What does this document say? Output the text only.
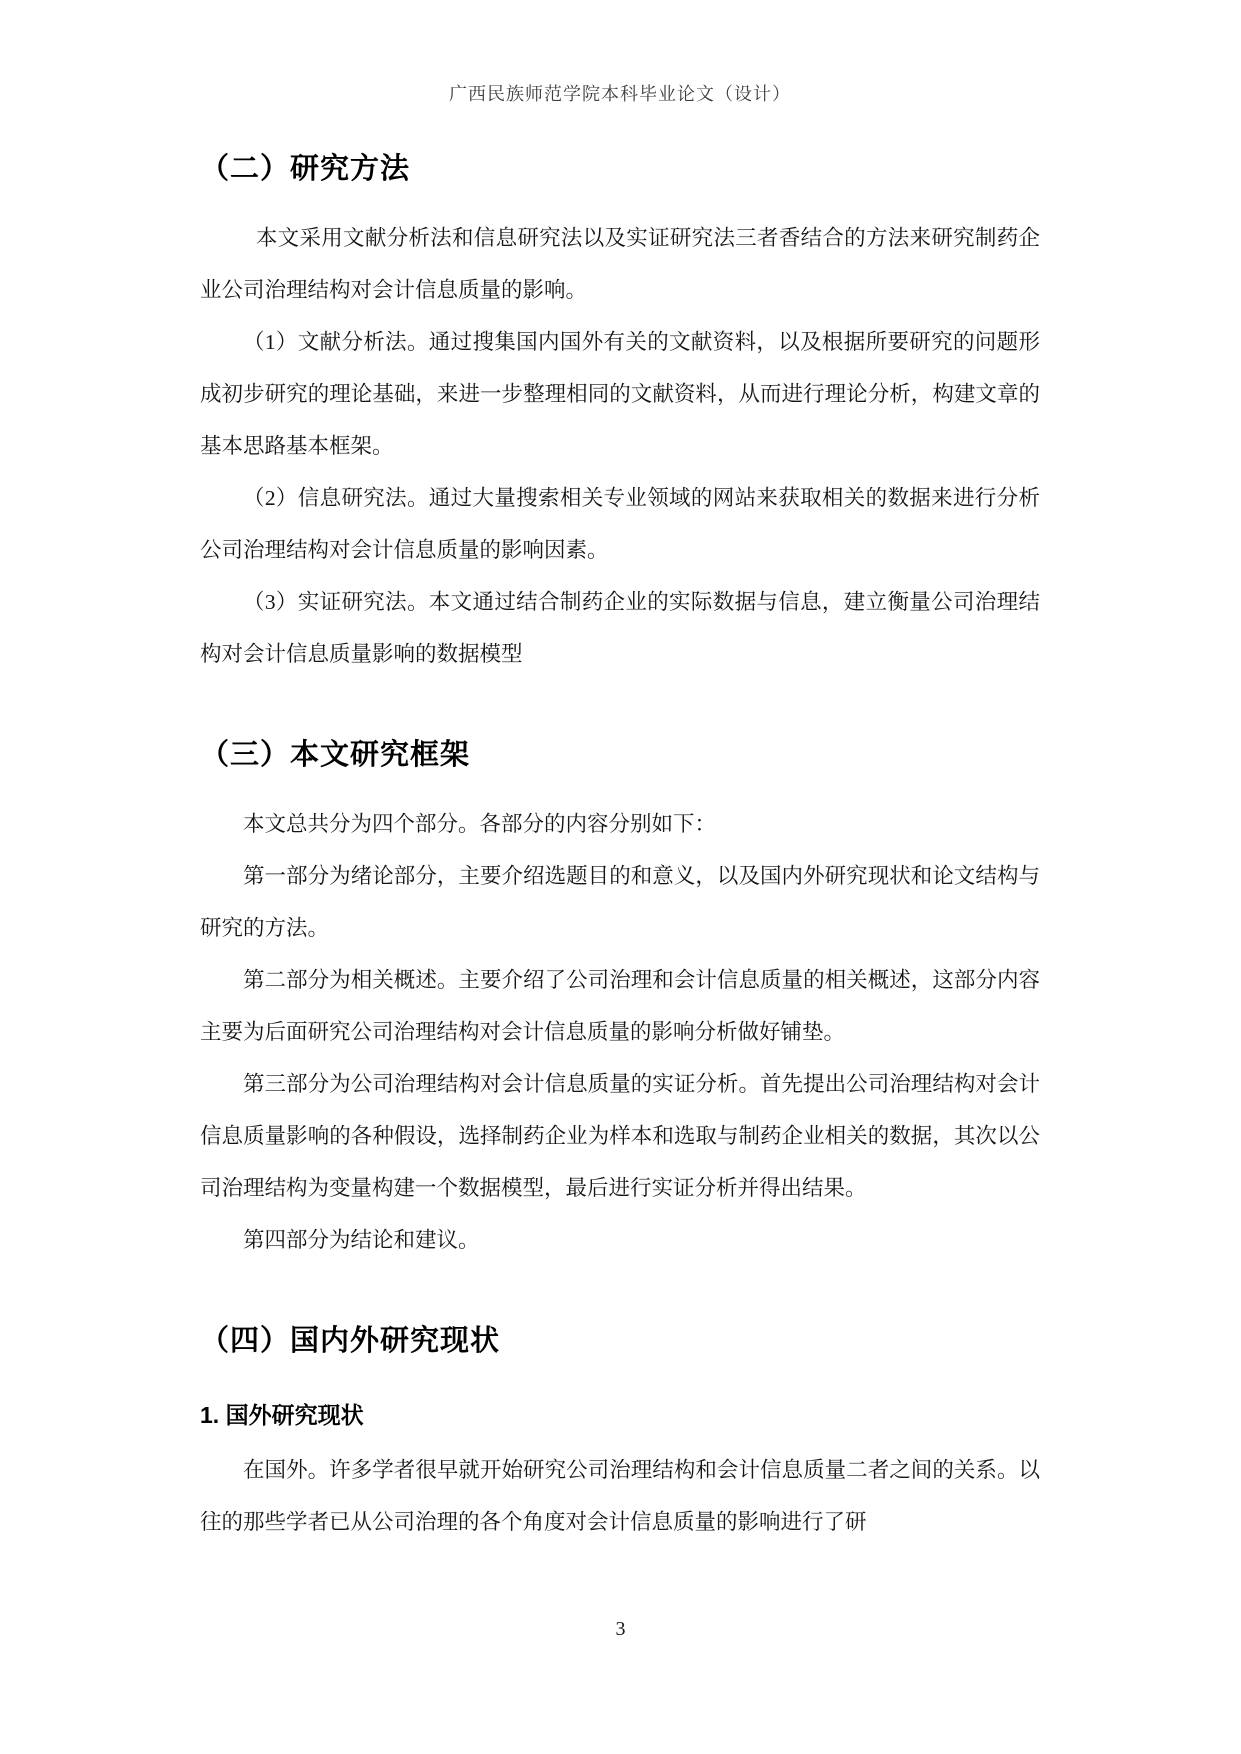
广西民族师范学院本科毕业论文（设计）
（二）研究方法

本文采用文献分析法和信息研究法以及实证研究法三者香结合的方法来研究制药企业公司治理结构对会计信息质量的影响。

（1）文献分析法。通过搜集国内国外有关的文献资料，以及根据所要研究的问题形成初步研究的理论基础，来进一步整理相同的文献资料，从而进行理论分析，构建文章的基本思路基本框架。

（2）信息研究法。通过大量搜索相关专业领域的网站来获取相关的数据来进行分析公司治理结构对会计信息质量的影响因素。

（3）实证研究法。本文通过结合制药企业的实际数据与信息，建立衡量公司治理结构对会计信息质量影响的数据模型

（三）本文研究框架

本文总共分为四个部分。各部分的内容分别如下：

第一部分为绪论部分，主要介绍选题目的和意义，以及国内外研究现状和论文结构与研究的方法。

第二部分为相关概述。主要介绍了公司治理和会计信息质量的相关概述，这部分内容主要为后面研究公司治理结构对会计信息质量的影响分析做好铺垫。

第三部分为公司治理结构对会计信息质量的实证分析。首先提出公司治理结构对会计信息质量影响的各种假设，选择制药企业为样本和选取与制药企业相关的数据，其次以公司治理结构为变量构建一个数据模型，最后进行实证分析并得出结果。

第四部分为结论和建议。

（四）国内外研究现状
1. 国外研究现状

在国外。许多学者很早就开始研究公司治理结构和会计信息质量二者之间的关系。以往的那些学者已从公司治理的各个角度对会计信息质量的影响进行了研

3
